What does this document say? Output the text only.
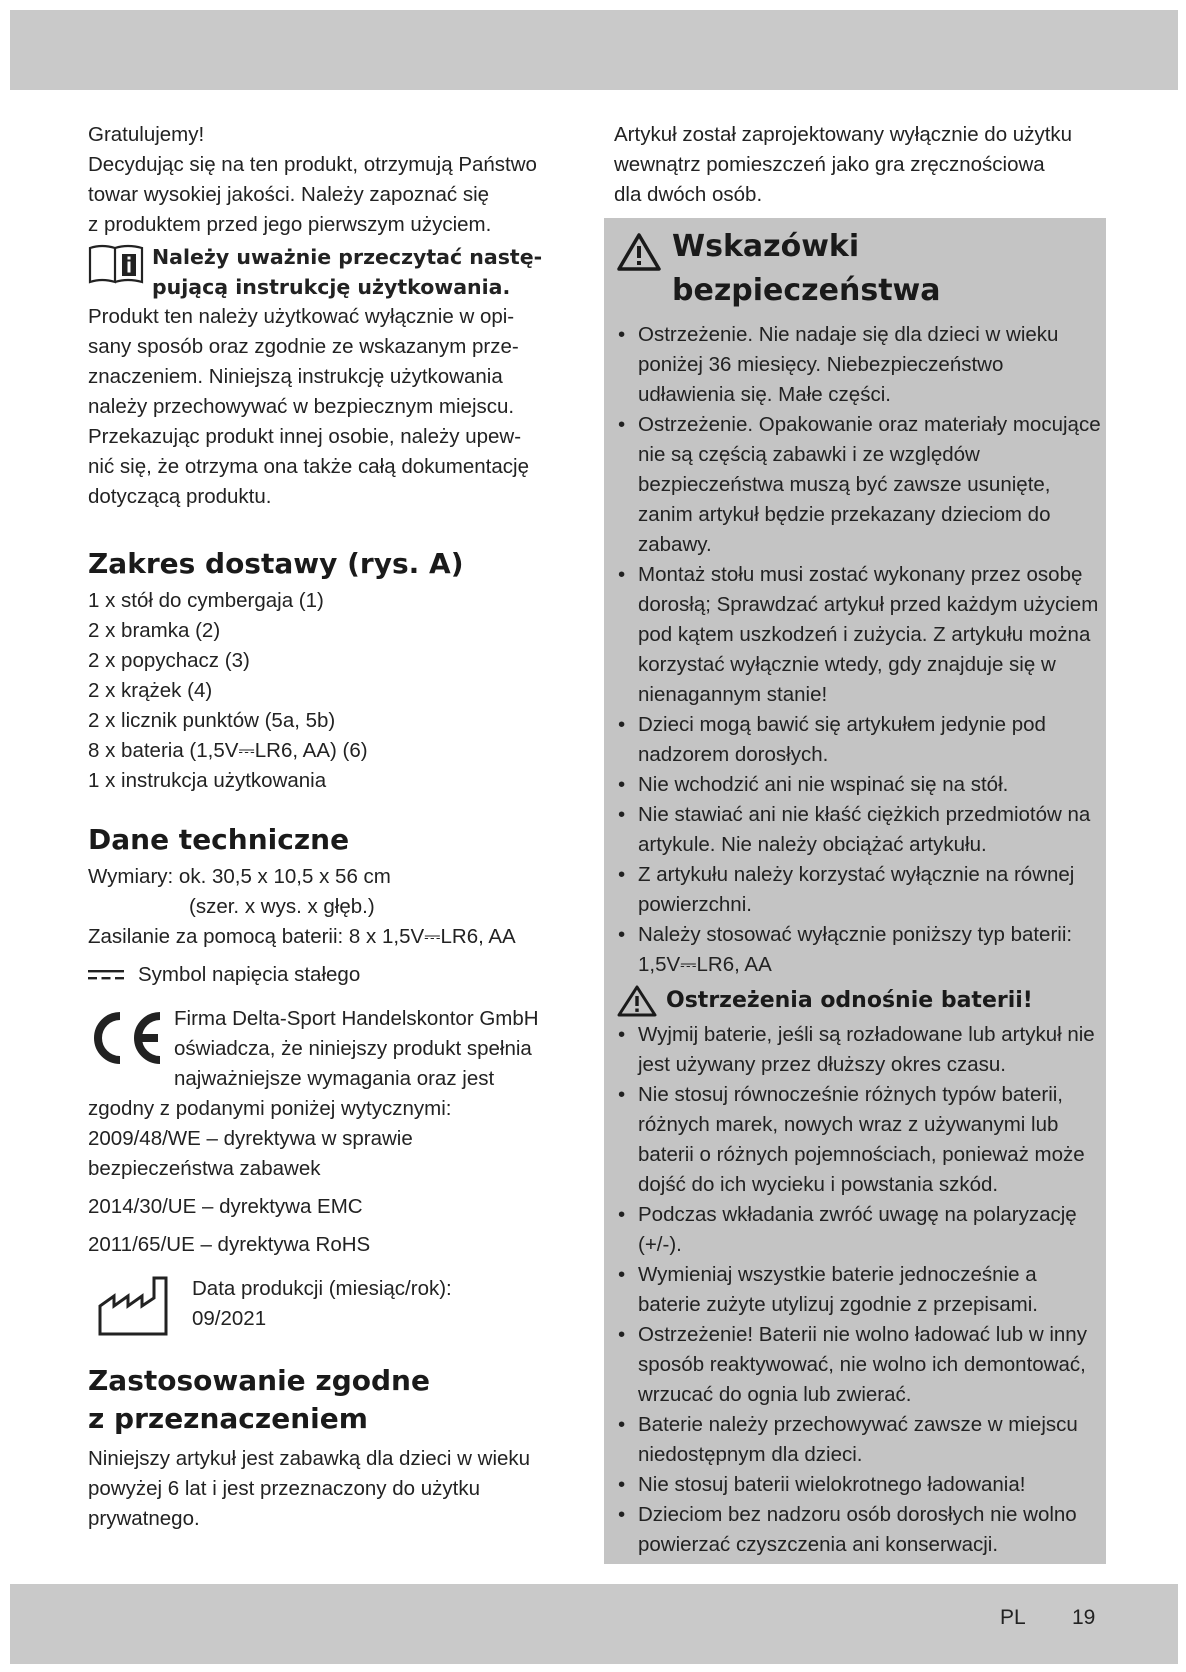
Gratulujemy!

Decydując się na ten produkt, otrzymują Państwo

towar wysokiej jakości. Należy zapoznać się

z produktem przed jego pierwszym użyciem.

Należy uważnie przeczytać nastę-

pującą instrukcję użytkowania.

Produkt ten należy użytkować wyłącznie w opi-

sany sposób oraz zgodnie ze wskazanym prze-

znaczeniem. Niniejszą instrukcję użytkowania

należy przechowywać w bezpiecznym miejscu.

Przekazując produkt innej osobie, należy upew-

nić się, że otrzyma ona także całą dokumentację

dotyczącą produktu.

Zakres dostawy (rys. A)

1 x stół do cymbergaja (1)

2 x bramka (2)

2 x popychacz (3)

2 x krążek (4)

2 x licznik punktów (5a, 5b)

8 x bateria (1,5V⎓LR6, AA) (6)

1 x instrukcja użytkowania

Dane techniczne

Wymiary: ok. 30,5 x 10,5 x 56 cm

(szer. x wys. x głęb.)

Zasilanie za pomocą baterii: 8 x 1,5V⎓LR6, AA

Symbol napięcia stałego

Firma Delta-Sport Handelskontor GmbH

oświadcza, że niniejszy produkt spełnia

najważniejsze wymagania oraz jest

zgodny z podanymi poniżej wytycznymi:

2009/48/WE – dyrektywa w sprawie

bezpieczeństwa zabawek

2014/30/UE – dyrektywa EMC

2011/65/UE – dyrektywa RoHS

Data produkcji (miesiąc/rok):

09/2021

Zastosowanie zgodne
z przeznaczeniem

Niniejszy artykuł jest zabawką dla dzieci w wieku

powyżej 6 lat i jest przeznaczony do użytku

prywatnego.

Artykuł został zaprojektowany wyłącznie do użytku

wewnątrz pomieszczeń jako gra zręcznościowa

dla dwóch osób.

Wskazówki
bezpieczeństwa
• Ostrzeżenie. Nie nadaje się dla dzieci w wieku poniżej 36 miesięcy. Niebezpieczeństwo udławienia się. Małe części.
• Ostrzeżenie. Opakowanie oraz materiały mocujące nie są częścią zabawki i ze względów bezpieczeństwa muszą być zawsze usunięte, zanim artykuł będzie przekazany dzieciom do zabawy.
• Montaż stołu musi zostać wykonany przez osobę dorosłą; Sprawdzać artykuł przed każdym użyciem pod kątem uszkodzeń i zużycia. Z artykułu można korzystać wyłącznie wtedy, gdy znajduje się w nienagannym stanie!
• Dzieci mogą bawić się artykułem jedynie pod nadzorem dorosłych.
• Nie wchodzić ani nie wspinać się na stół.
• Nie stawiać ani nie kłaść ciężkich przedmiotów na artykule. Nie należy obciążać artykułu.
• Z artykułu należy korzystać wyłącznie na równej powierzchni.
• Należy stosować wyłącznie poniższy typ baterii: 1,5V⎓LR6, AA
Ostrzeżenia odnośnie baterii!
• Wyjmij baterie, jeśli są rozładowane lub artykuł nie jest używany przez dłuższy okres czasu.
• Nie stosuj równocześnie różnych typów baterii, różnych marek, nowych wraz z używanymi lub baterii o różnych pojemnościach, ponieważ może dojść do ich wycieku i powstania szkód.
• Podczas wkładania zwróć uwagę na polaryzację (+/-).
• Wymieniaj wszystkie baterie jednocześnie a baterie zużyte utylizuj zgodnie z przepisami.
• Ostrzeżenie! Baterii nie wolno ładować lub w inny sposób reaktywować, nie wolno ich demontować, wrzucać do ognia lub zwierać.
• Baterie należy przechowywać zawsze w miejscu niedostępnym dla dzieci.
• Nie stosuj baterii wielokrotnego ładowania!
• Dzieciom bez nadzoru osób dorosłych nie wolno powierzać czyszczenia ani konserwacji.
PL 19
